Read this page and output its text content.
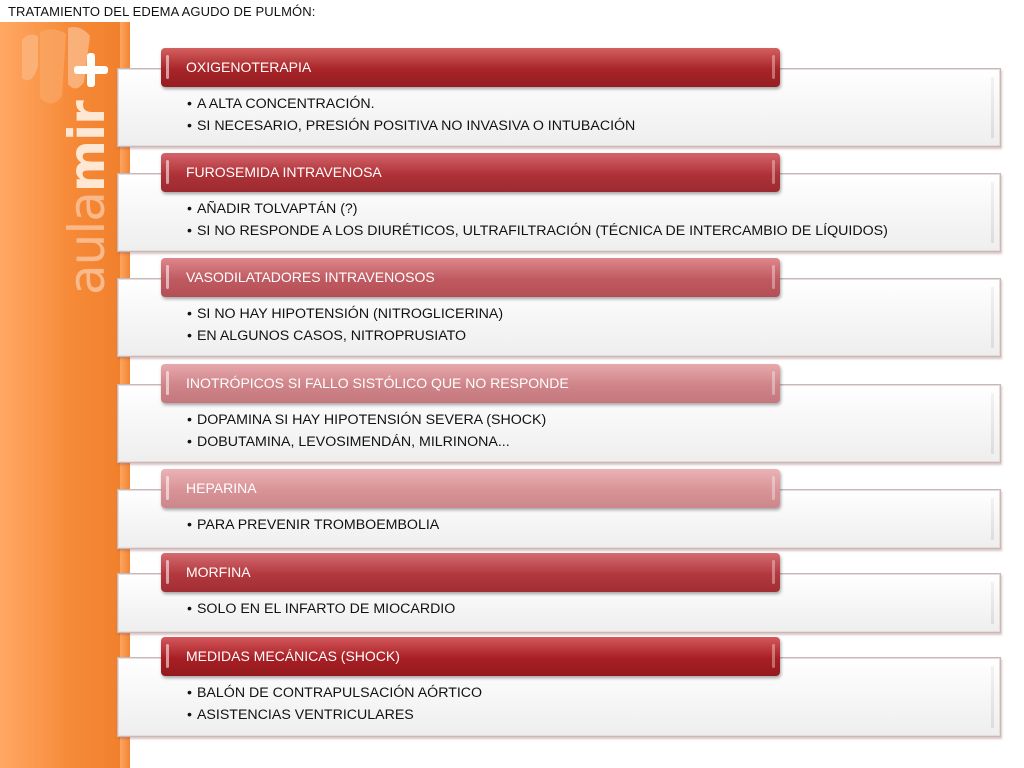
TRATAMIENTO DEL EDEMA AGUDO DE PULMÓN:
aulamir
•	A ALTA CONCENTRACIÓN.
• SI NECESARIO, PRESIÓN POSITIVA NO INVASIVA O INTUBACIÓN
OXIGENOTERAPIA
• AÑADIR TOLVAPTÁN (?)
• SI NO RESPONDE A LOS DIURÉTICOS, ULTRAFILTRACIÓN (TÉCNICA DE INTERCAMBIO DE LÍQUIDOS)
FUROSEMIDA INTRAVENOSA
• SI NO HAY HIPOTENSIÓN (NITROGLICERINA)
• EN ALGUNOS CASOS, NITROPRUSIATO
VASODILATADORES INTRAVENOSOS
• DOPAMINA SI HAY HIPOTENSIÓN SEVERA (SHOCK)
• DOBUTAMINA, LEVOSIMENDÁN, MILRINONA...
INOTRÓPICOS SI FALLO SISTÓLICO QUE NO RESPONDE
• PARA PREVENIR TROMBOEMBOLIA
HEPARINA
• SOLO EN EL INFARTO DE MIOCARDIO
MORFINA
• BALÓN DE CONTRAPULSACIÓN AÓRTICO
• ASISTENCIAS VENTRICULARES
MEDIDAS MECÁNICAS (SHOCK)
